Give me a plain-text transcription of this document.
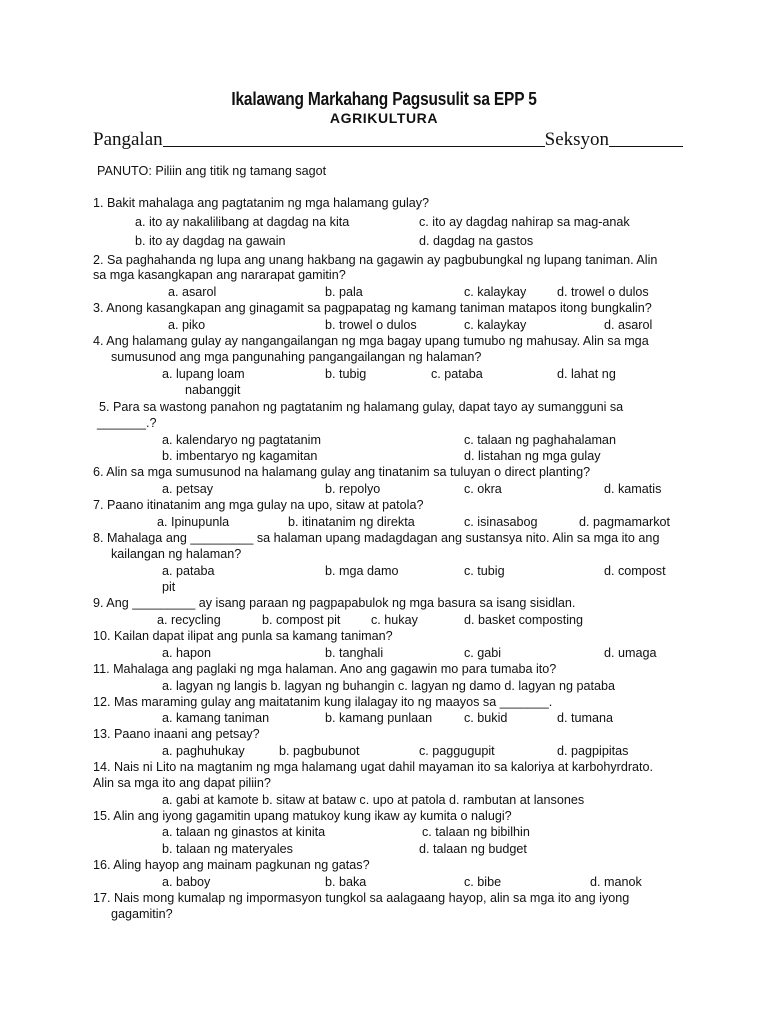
Ikalawang Markahang Pagsusulit sa EPP 5
AGRIKULTURA
Pangalan	Seksyon
PANUTO: Piliin ang titik ng tamang sagot
1. Bakit mahalaga ang pagtatanim ng mga halamang gulay?
a. ito ay nakalilibang at dagdag na kita	c. ito ay dagdag nahirap sa mag-anak
b. ito ay dagdag na gawain	d. dagdag na gastos
2. Sa paghahanda ng lupa ang unang hakbang na gagawin ay pagbubungkal ng lupang taniman. Alin
sa mga kasangkapan ang nararapat gamitin?
a. asarol	b. pala	c. kalaykay d. trowel o dulos
3. Anong kasangkapan ang ginagamit sa pagpapatag ng kamang taniman matapos itong bungkalin?
a. piko	b. trowel o dulos	c. kalaykay	d. asarol
4. Ang halamang gulay ay nangangailangan ng mga bagay upang tumubo ng mahusay. Alin sa mga
sumusunod ang mga pangunahing pangangailangan ng halaman?
a. lupang loam	b. tubig	c. pataba	d. lahat ng
nabanggit
5. Para sa wastong panahon ng pagtatanim ng halamang gulay, dapat tayo ay sumangguni sa
_______.?
a. kalendaryo ng pagtatanim	c. talaan ng paghahalaman
b. imbentaryo ng kagamitan	d. listahan ng mga gulay
6. Alin sa mga sumusunod na halamang gulay ang tinatanim sa tuluyan o direct planting?
a. petsay	b. repolyo	c. okra	d. kamatis
7. Paano itinatanim ang mga gulay na upo, sitaw at patola?
a. Ipinupunla	b. itinatanim ng direkta	c. isinasabog	d. pagmamarkot
8. Mahalaga ang _________ sa halaman upang madagdagan ang sustansya nito. Alin sa mga ito ang
kailangan ng halaman?
a. pataba	b. mga damo	c. tubig	d. compost
pit
9. Ang _________ ay isang paraan ng pagpapabulok ng mga basura sa isang sisidlan.
a. recycling	b. compost pit c. hukay	d. basket composting
10. Kailan dapat ilipat ang punla sa kamang taniman?
a. hapon	b. tanghali	c. gabi	d. umaga
11. Mahalaga ang paglaki ng mga halaman. Ano ang gagawin mo para tumaba ito?
a. lagyan ng langis b. lagyan ng buhangin c. lagyan ng damo d. lagyan ng pataba
12. Mas maraming gulay ang maitatanim kung ilalagay ito ng maayos sa _______.
a. kamang taniman	b. kamang punlaan	c. bukid	d. tumana
13. Paano inaani ang petsay?
a. paghuhukay	b. pagbubunot	c. paggugupit	d. pagpipitas
14. Nais ni Lito na magtanim ng mga halamang ugat dahil mayaman ito sa kaloriya at karbohyrdrato.
Alin sa mga ito ang dapat piliin?
a. gabi at kamote b. sitaw at bataw c. upo at patola d. rambutan at lansones
15. Alin ang iyong gagamitin upang matukoy kung ikaw ay kumita o nalugi?
a. talaan ng ginastos at kinita	c. talaan ng bibilhin
b. talaan ng materyales	d. talaan ng budget
16. Aling hayop ang mainam pagkunan ng gatas?
a. baboy	b. baka	c. bibe	d. manok
17. Nais mong kumalap ng impormasyon tungkol sa aalagaang hayop, alin sa mga ito ang iyong
gagamitin?
